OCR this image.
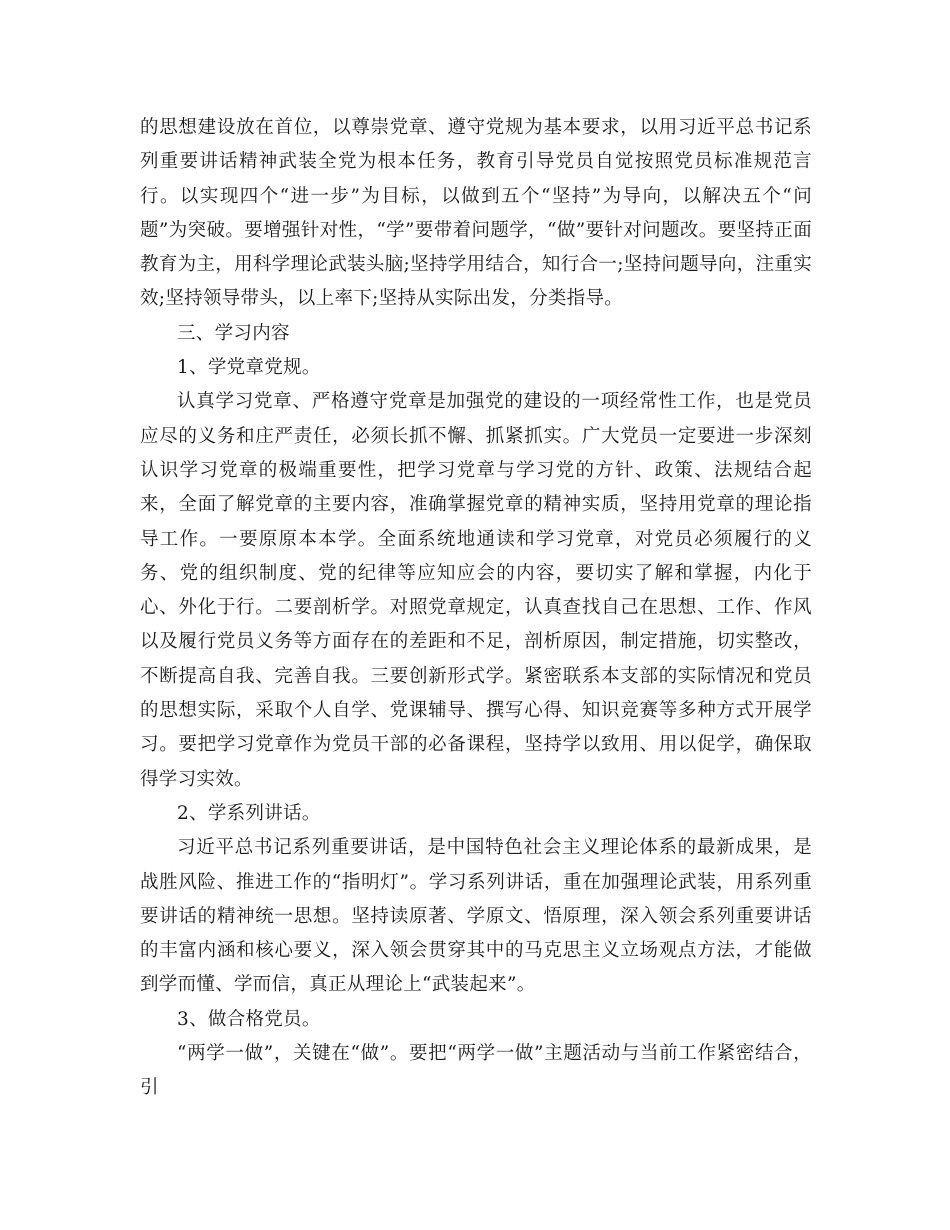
的思想建设放在首位，以尊崇党章、遵守党规为基本要求，以用习近平总书记系列重要讲话精神武装全党为根本任务，教育引导党员自觉按照党员标准规范言行。以实现四个“进一步”为目标，以做到五个“坚持”为导向，以解决五个“问题”为突破。要增强针对性，“学”要带着问题学，“做”要针对问题改。要坚持正面教育为主，用科学理论武装头脑;坚持学用结合，知行合一;坚持问题导向，注重实效;坚持领导带头，以上率下;坚持从实际出发，分类指导。

三、学习内容

1、学党章党规。

认真学习党章、严格遵守党章是加强党的建设的一项经常性工作，也是党员应尽的义务和庄严责任，必须长抓不懈、抓紧抓实。广大党员一定要进一步深刻认识学习党章的极端重要性，把学习党章与学习党的方针、政策、法规结合起来，全面了解党章的主要内容，准确掌握党章的精神实质，坚持用党章的理论指导工作。一要原原本本学。全面系统地通读和学习党章，对党员必须履行的义务、党的组织制度、党的纪律等应知应会的内容，要切实了解和掌握，内化于心、外化于行。二要剖析学。对照党章规定，认真查找自己在思想、工作、作风以及履行党员义务等方面存在的差距和不足，剖析原因，制定措施，切实整改，不断提高自我、完善自我。三要创新形式学。紧密联系本支部的实际情况和党员的思想实际，采取个人自学、党课辅导、撰写心得、知识竞赛等多种方式开展学习。要把学习党章作为党员干部的必备课程，坚持学以致用、用以促学，确保取得学习实效。

2、学系列讲话。

习近平总书记系列重要讲话，是中国特色社会主义理论体系的最新成果，是战胜风险、推进工作的“指明灯”。学习系列讲话，重在加强理论武装，用系列重要讲话的精神统一思想。坚持读原著、学原文、悟原理，深入领会系列重要讲话的丰富内涵和核心要义，深入领会贯穿其中的马克思主义立场观点方法，才能做到学而懂、学而信，真正从理论上“武装起来”。

3、做合格党员。

“两学一做”，关键在“做”。要把“两学一做”主题活动与当前工作紧密结合，引
